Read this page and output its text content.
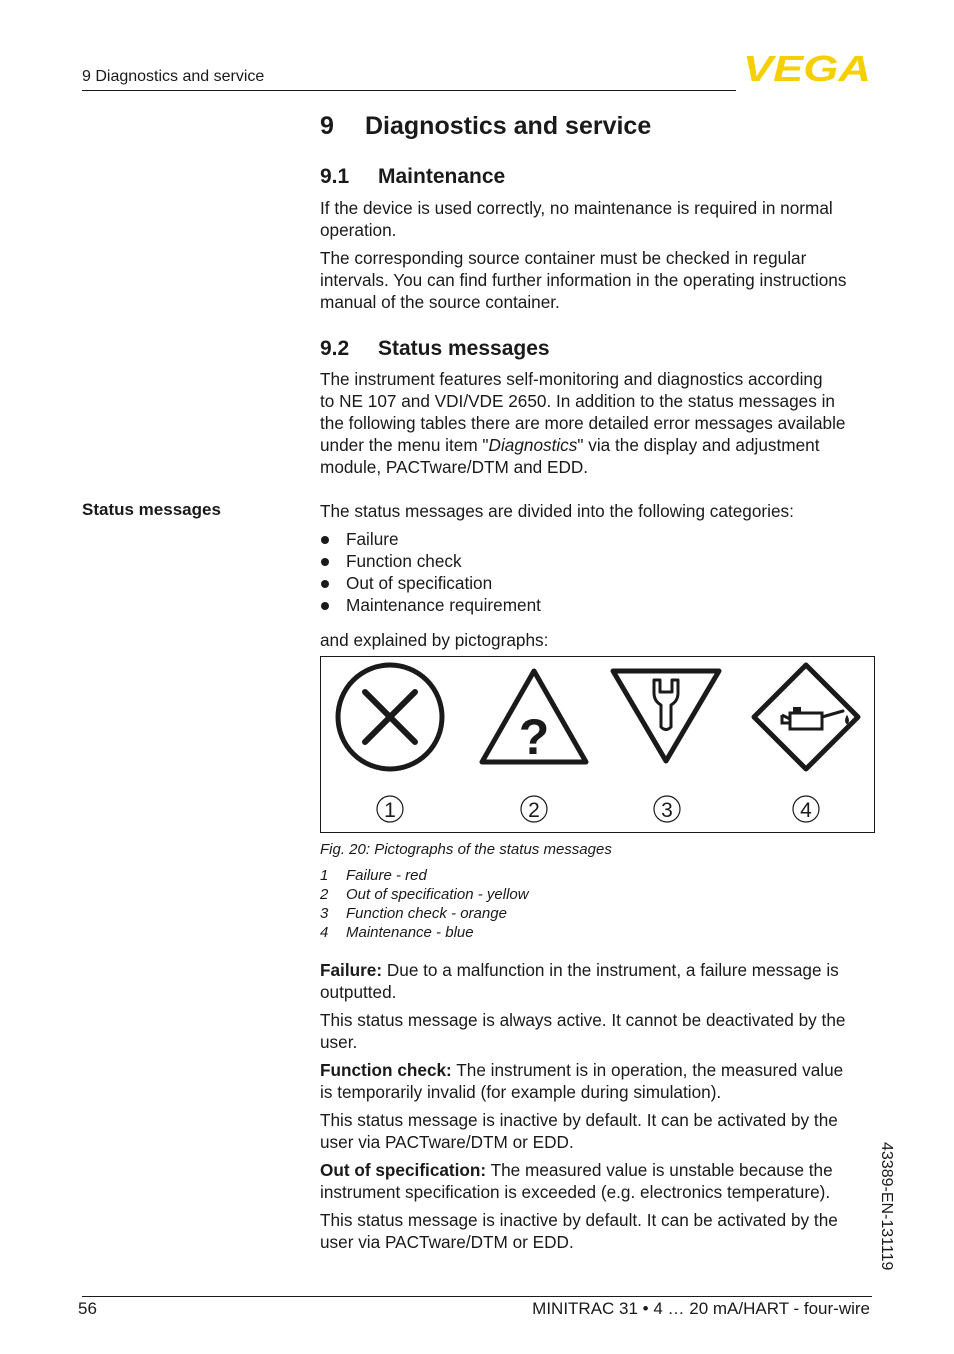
9 Diagnostics and service	VEGA
9 Diagnostics and service
9.1 Maintenance
If the device is used correctly, no maintenance is required in normal
operation.
The corresponding source container must be checked in regular
intervals. You can find further information in the operating instructions
manual of the source container.
9.2 Status messages
The instrument features self-monitoring and diagnostics according
to NE 107 and VDI/VDE 2650. In addition to the status messages in
the following tables there are more detailed error messages available
under the menu item "Diagnostics" via the display and adjustment
module, PACTware/DTM and EDD.
Status messages	The status messages are divided into the following categories:
Failure
Function check
Out of specification
Maintenance requirement
and explained by pictographs:
?
1	2	3	4
Fig. 20: Pictographs of the status messages
1 Failure - red
2 Out of specification - yellow
3 Function check - orange
4 Maintenance - blue
Failure: Due to a malfunction in the instrument, a failure message is
outputted.
This status message is always active. It cannot be deactivated by the
user.
Function check: The instrument is in operation, the measured value
is temporarily invalid (for example during simulation).
This status message is inactive by default. It can be activated by the
user via PACTware/DTM or EDD.
Out of specification: The measured value is unstable because the
instrument specification is exceeded (e.g. electronics temperature).
This status message is inactive by default. It can be activated by the
user via PACTware/DTM or EDD.	43389-EN-131119
56	MINITRAC 31 • 4 … 20 mA/HART - four-wire
